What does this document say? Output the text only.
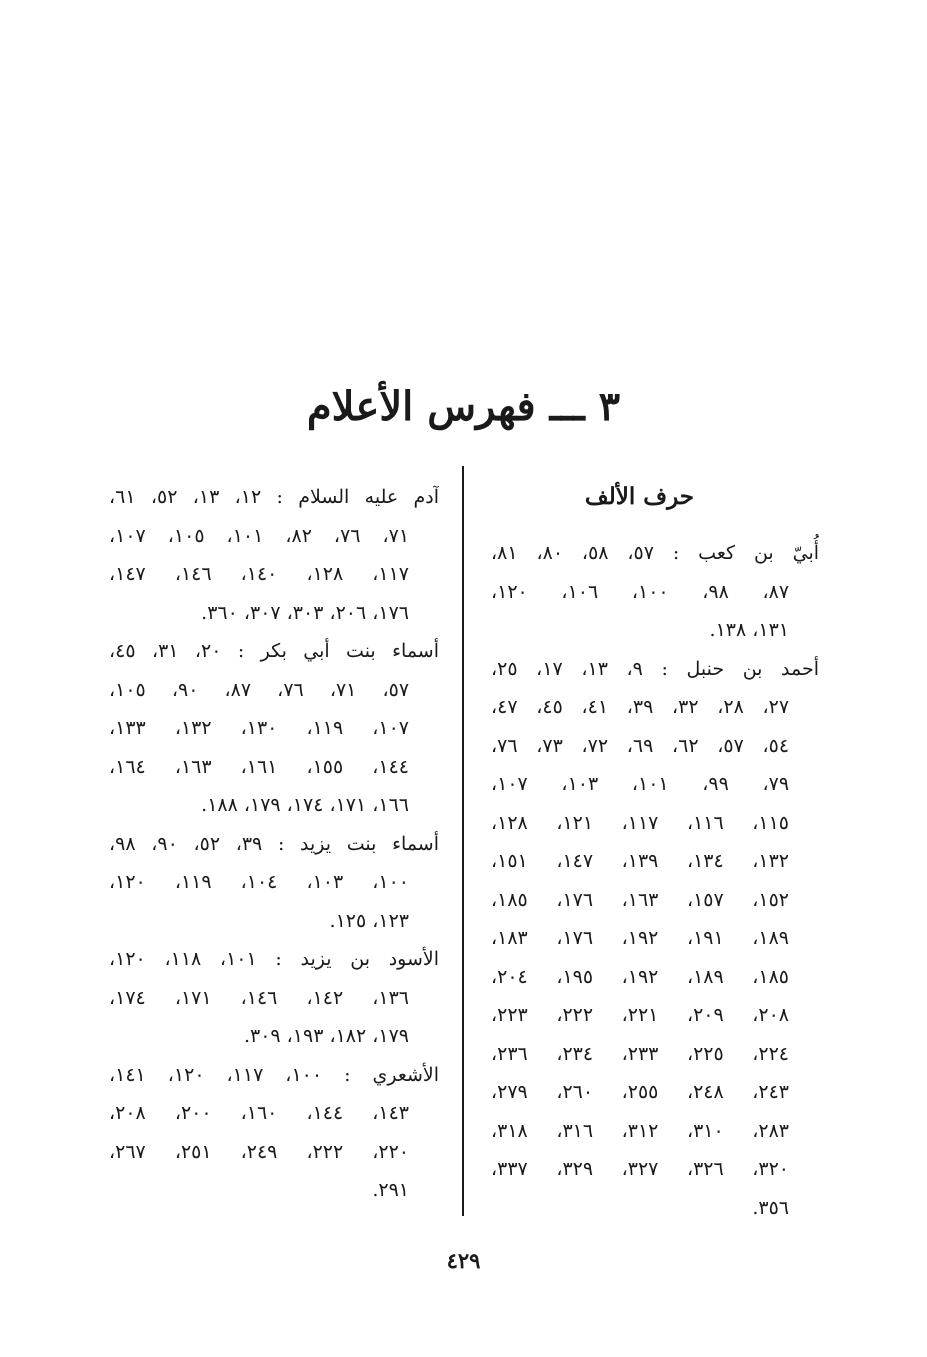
٣ ـــ فهرس الأعلام
حرف الألف
أُبيّ بن كعب : ٥٧، ٥٨، ٨٠، ٨١،
٨٧، ٩٨، ١٠٠، ١٠٦، ١٢٠،
١٣١، ١٣٨.
أحمد بن حنبل : ٩، ١٣، ١٧، ٢٥،
٢٧، ٢٨، ٣٢، ٣٩، ٤١، ٤٥، ٤٧،
٥٤، ٥٧، ٦٢، ٦٩، ٧٢، ٧٣، ٧٦،
٧٩، ٩٩، ١٠١، ١٠٣، ١٠٧،
١١٥، ١١٦، ١١٧، ١٢١، ١٢٨،
١٣٢، ١٣٤، ١٣٩، ١٤٧، ١٥١،
١٥٢، ١٥٧، ١٦٣، ١٧٦، ١٨٥،
١٨٩، ١٩١، ١٩٢، ١٧٦، ١٨٣،
١٨٥، ١٨٩، ١٩٢، ١٩٥، ٢٠٤،
٢٠٨، ٢٠٩، ٢٢١، ٢٢٢، ٢٢٣،
٢٢٤، ٢٢٥، ٢٣٣، ٢٣٤، ٢٣٦،
٢٤٣، ٢٤٨، ٢٥٥، ٢٦٠، ٢٧٩،
٢٨٣، ٣١٠، ٣١٢، ٣١٦، ٣١٨،
٣٢٠، ٣٢٦، ٣٢٧، ٣٢٩، ٣٣٧،
٣٥٦.
آدم عليه السلام : ١٢، ١٣، ٥٢، ٦١،
٧١، ٧٦، ٨٢، ١٠١، ١٠٥، ١٠٧،
١١٧، ١٢٨، ١٤٠، ١٤٦، ١٤٧،
١٧٦، ٢٠٦، ٣٠٣، ٣٠٧، ٣٦٠.
أسماء بنت أبي بكر : ٢٠، ٣١، ٤٥،
٥٧، ٧١، ٧٦، ٨٧، ٩٠، ١٠٥،
١٠٧، ١١٩، ١٣٠، ١٣٢، ١٣٣،
١٤٤، ١٥٥، ١٦١، ١٦٣، ١٦٤،
١٦٦، ١٧١، ١٧٤، ١٧٩، ١٨٨.
أسماء بنت يزيد : ٣٩، ٥٢، ٩٠، ٩٨،
١٠٠، ١٠٣، ١٠٤، ١١٩، ١٢٠،
١٢٣، ١٢٥.
الأسود بن يزيد : ١٠١، ١١٨، ١٢٠،
١٣٦، ١٤٢، ١٤٦، ١٧١، ١٧٤،
١٧٩، ١٨٢، ١٩٣، ٣٠٩.
الأشعري : ١٠٠، ١١٧، ١٢٠، ١٤١،
١٤٣، ١٤٤، ١٦٠، ٢٠٠، ٢٠٨،
٢٢٠، ٢٢٢، ٢٤٩، ٢٥١، ٢٦٧،
٢٩١.
٤٢٩
